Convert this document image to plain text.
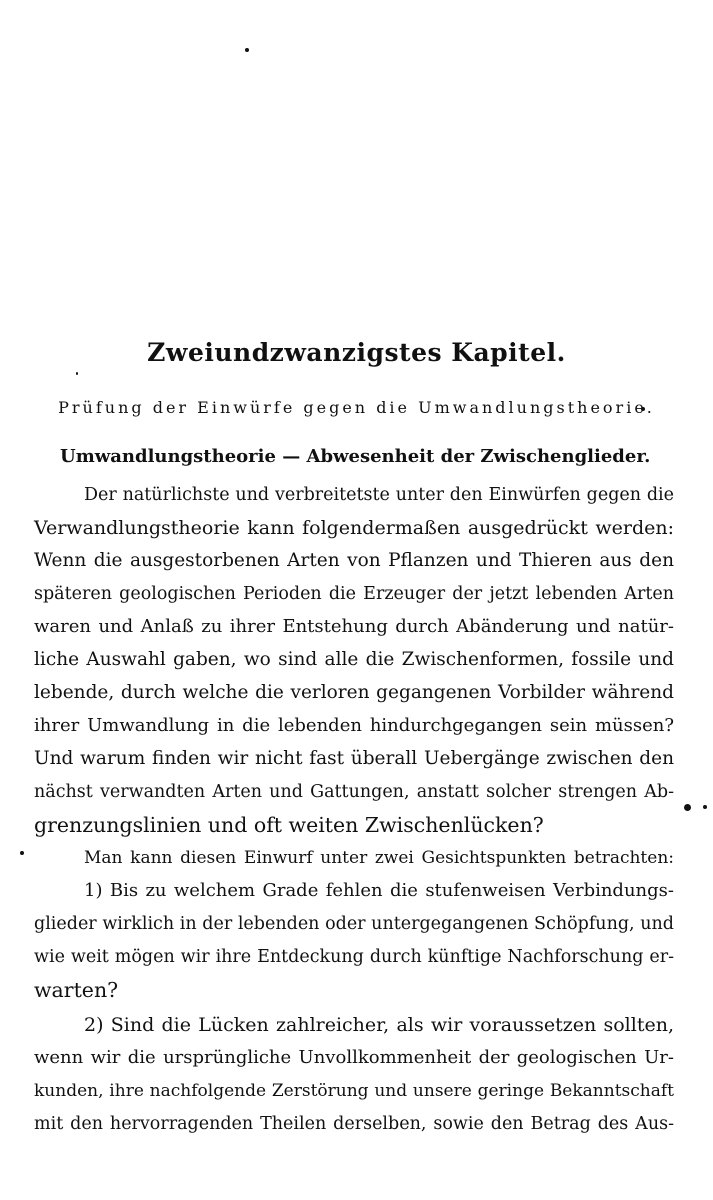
Zweiundzwanzigstes Kapitel.
Prüfung der Einwürfe gegen die Umwandlungstheorie.
Umwandlungstheorie — Abwesenheit der Zwischenglieder.
Der natürlichste und verbreitetste unter den Einwürfen gegen die
Verwandlungstheorie kann folgendermaßen ausgedrückt werden:
Wenn die ausgestorbenen Arten von Pflanzen und Thieren aus den
späteren geologischen Perioden die Erzeuger der jetzt lebenden Arten
waren und Anlaß zu ihrer Entstehung durch Abänderung und natür-
liche Auswahl gaben, wo sind alle die Zwischenformen, fossile und
lebende, durch welche die verloren gegangenen Vorbilder während
ihrer Umwandlung in die lebenden hindurchgegangen sein müssen?
Und warum finden wir nicht fast überall Uebergänge zwischen den
nächst verwandten Arten und Gattungen, anstatt solcher strengen Ab-
grenzungslinien und oft weiten Zwischenlücken?
Man kann diesen Einwurf unter zwei Gesichtspunkten betrachten:
1) Bis zu welchem Grade fehlen die stufenweisen Verbindungs-
glieder wirklich in der lebenden oder untergegangenen Schöpfung, und
wie weit mögen wir ihre Entdeckung durch künftige Nachforschung er-
warten?
2) Sind die Lücken zahlreicher, als wir voraussetzen sollten,
wenn wir die ursprüngliche Unvollkommenheit der geologischen Ur-
kunden, ihre nachfolgende Zerstörung und unsere geringe Bekanntschaft
mit den hervorragenden Theilen derselben, sowie den Betrag des Aus-
